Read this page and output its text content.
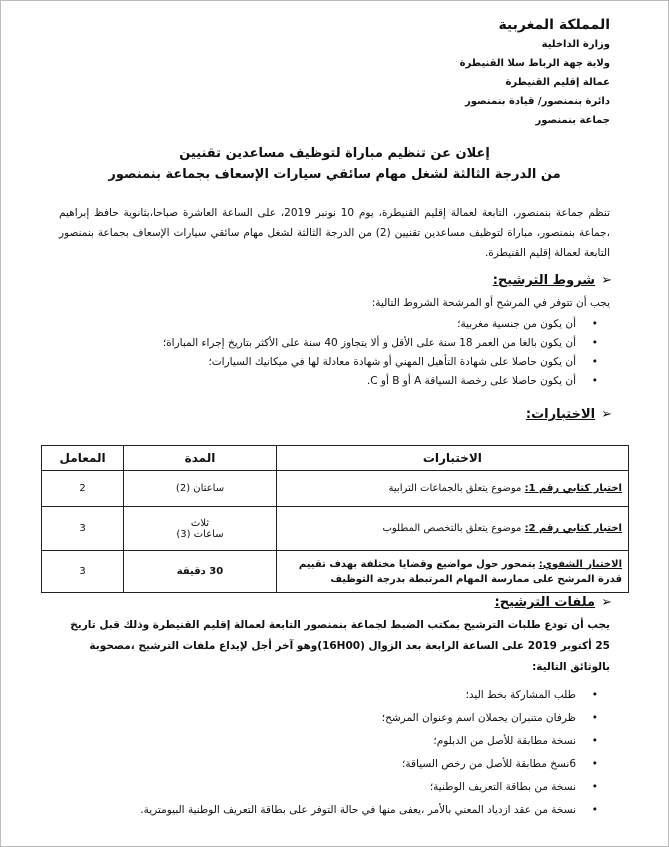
المملكة المغربية
وزارة الداخلية
ولاية جهة الرباط سلا القنيطرة
عمالة إقليم القنيطرة
دائرة بنمنصور/ قيادة بنمنصور
جماعة بنمنصور
إعلان عن تنظيم مباراة لتوظيف مساعدين تقنيين
من الدرجة الثالثة لشغل مهام سائقي سيارات الإسعاف بجماعة بنمنصور
تنظم جماعة بنمنصور، التابعة لعمالة إقليم القنيطرة، يوم 10 نونبر 2019، على الساعة العاشرة صباحا،بثانوية حافظ إبراهيم ،جماعة بنمنصور، مباراة لتوظيف مساعدين تقنيين (2) من الدرجة الثالثة لشغل مهام سائقي سيارات الإسعاف بجماعة بنمنصور التابعة لعمالة إقليم القنيطرة.
➢
شروط الترشيح:
يجب أن تتوفر في المرشح أو المرشحة الشروط التالية:
• أن يكون من جنسية مغربية؛
• أن يكون بالغا من العمر 18 سنة على الأقل و ألا يتجاوز 40 سنة على الأكثر بتاريخ إجراء المباراة؛
• أن يكون حاصلا على شهادة التأهيل المهني أو شهادة معادلة لها في ميكانيك السيارات؛
• أن يكون حاصلا على رخصة السياقة A أو B أو C.
➢
الاختبارات:
الاختبارات	المدة	المعامل
اختبار كتابي رقم 1: موضوع يتعلق بالجماعات الترابية	ساعتان (2)	2
اختبار كتابي رقم 2: موضوع يتعلق بالتخصص المطلوب	ثلاث
ساعات (3)	3
الاختبار الشفوي: يتمحور حول مواضيع وقضايا مختلفة بهدف تقييم قدرة المرشح على ممارسة المهام المرتبطة بدرجة التوظيف	30 دقيقة	3
➢
ملفات الترشيح:
يجب أن تودع طلبات الترشيح بمكتب الضبط لجماعة بنمنصور التابعة لعمالة إقليم القنيطرة وذلك قبل تاريخ 25 أكتوبر 2019 على الساعة الرابعة بعد الزوال (16H00)وهو آخر أجل لإيداع ملفات الترشيح ،مصحوبة بالوثائق التالية:
• طلب المشاركة بخط اليد؛
• ظرفان متنبران يحملان اسم وعنوان المرشح؛
• نسخة مطابقة للأصل من الدبلوم؛
• 6نسخ مطابقة للأصل من رخص السياقة؛
• نسخة من بطاقة التعريف الوطنية؛
• نسخة من عقد ازدياد المعني بالأمر ،يعفى منها في حالة التوفر على بطاقة التعريف الوطنية البيومترية.
